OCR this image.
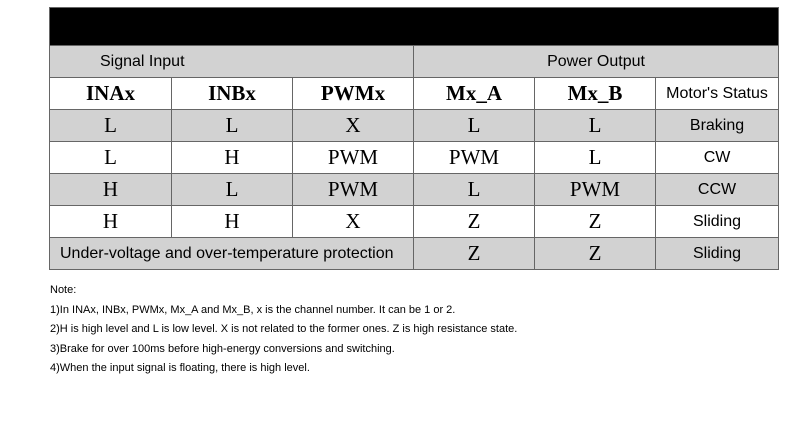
Operational Logic					
Signal Input			Power Output		
INAx	INBx	PWMx	Mx_A	Mx_B	Motor's Status
L	L	X	L	L	Braking
L	H	PWM	PWM	L	CW
H	L	PWM	L	PWM	CCW
H	H	X	Z	Z	Sliding
Under-voltage and over-temperature protection			Z	Z	Sliding
Note:
1)In INAx, INBx, PWMx, Mx_A and Mx_B, x is the channel number. It can be 1 or 2.
2)H is high level and L is low level. X is not related to the former ones. Z is high resistance state.
3)Brake for over 100ms before high-energy conversions and switching.
4)When the input signal is floating, there is high level.
